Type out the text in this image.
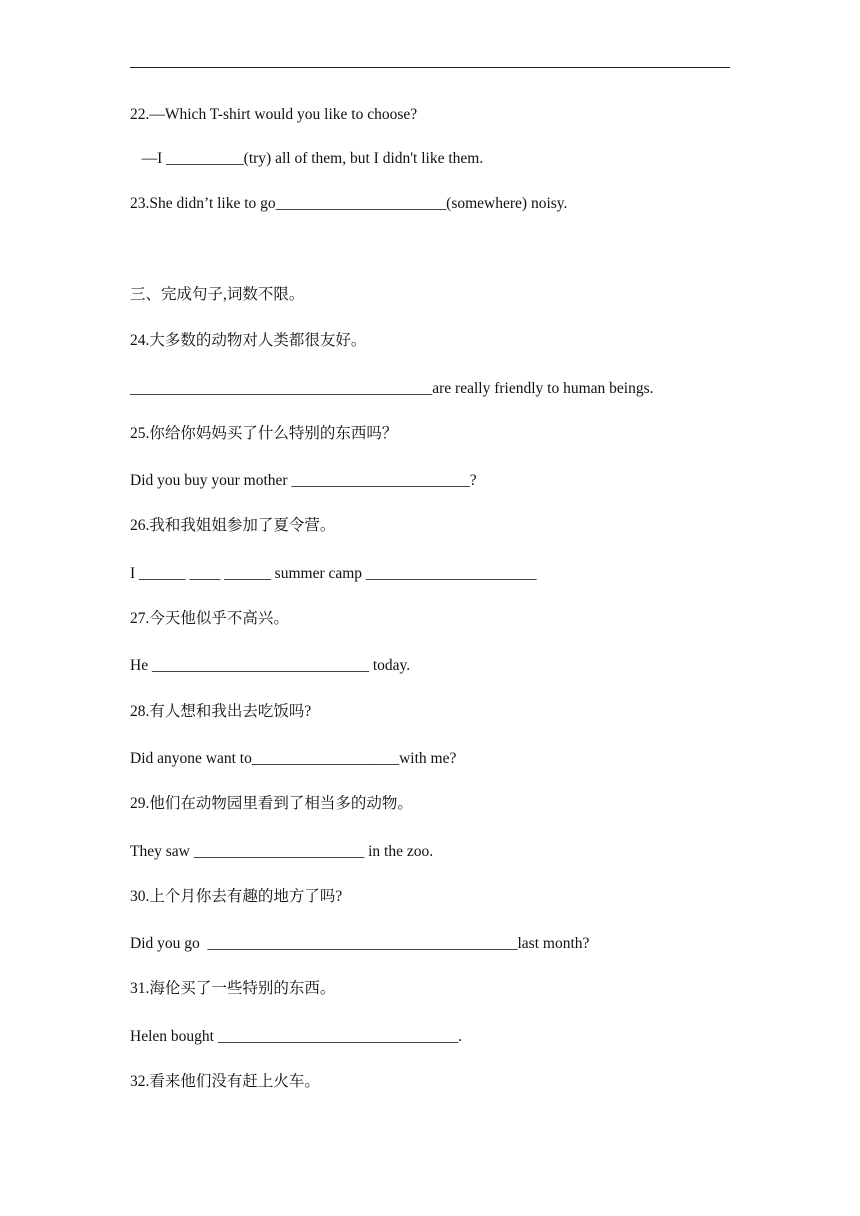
22.—Which T-shirt would you like to choose?
—I __________(try) all of them, but I didn't like them.
23.She didn’t like to go______________________(somewhere) noisy.
三、完成句子,词数不限。
24.大多数的动物对人类都很友好。
_______________________________________are really friendly to human beings.
25.你给你妈妈买了什么特别的东西吗？
Did you buy your mother _______________________?
26.我和我姐姐参加了夏令营。
I ______ ____ ______ summer camp ______________________
27.今天他似乎不高兴。
He ____________________________ today.
28.有人想和我出去吃饭吗?
Did anyone want to___________________with me?
29.他们在动物园里看到了相当多的动物。
They saw ______________________ in the zoo.
30.上个月你去有趣的地方了吗?
Did you go  ________________________________________last month?
31.海伦买了一些特别的东西。
Helen bought _______________________________.
32.看来他们没有赶上火车。
